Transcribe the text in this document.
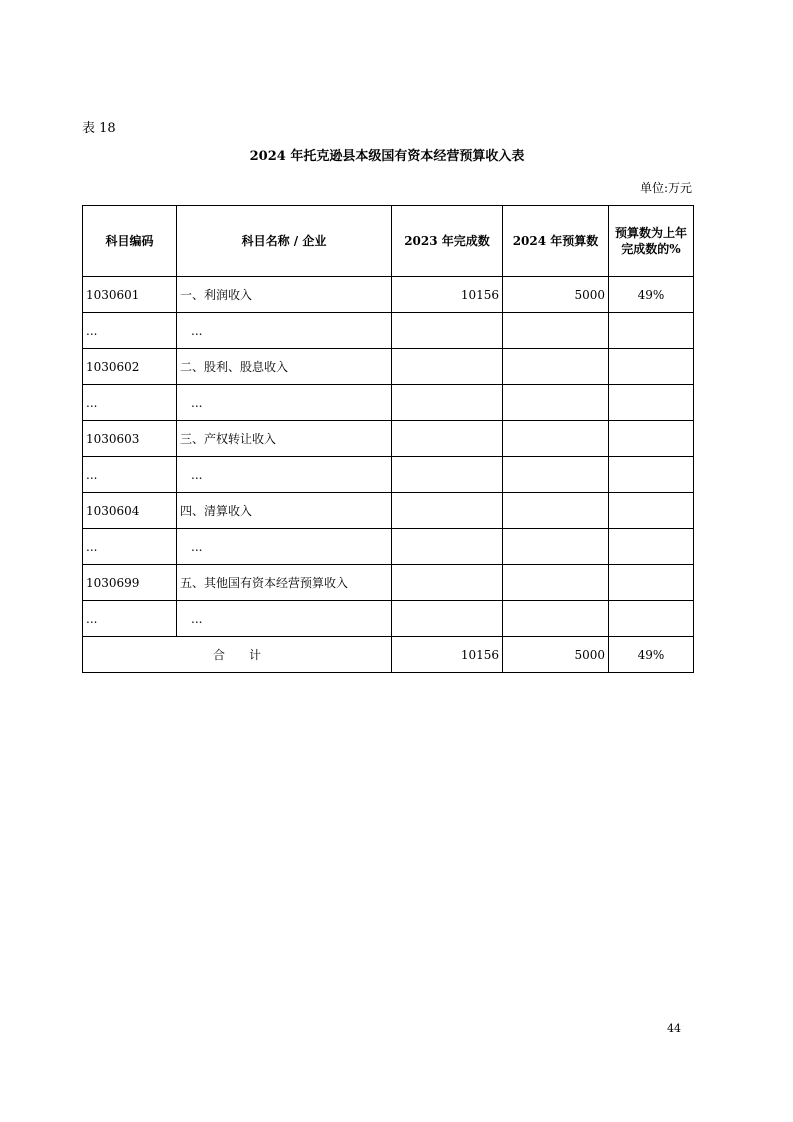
表 18
2024 年托克逊县本级国有资本经营预算收入表
单位:万元
科目编码	科目名称 / 企业	2023 年完成数	2024 年预算数	预算数为上年完成数的%
1030601	一、利润收入	10156	5000	49%
...	...			
1030602	二、股利、股息收入			
...	...			
1030603	三、产权转让收入			
...	...			
1030604	四、清算收入			
...	...			
1030699	五、其他国有资本经营预算收入			
...	...			
合　　计		10156	5000	49%
44
